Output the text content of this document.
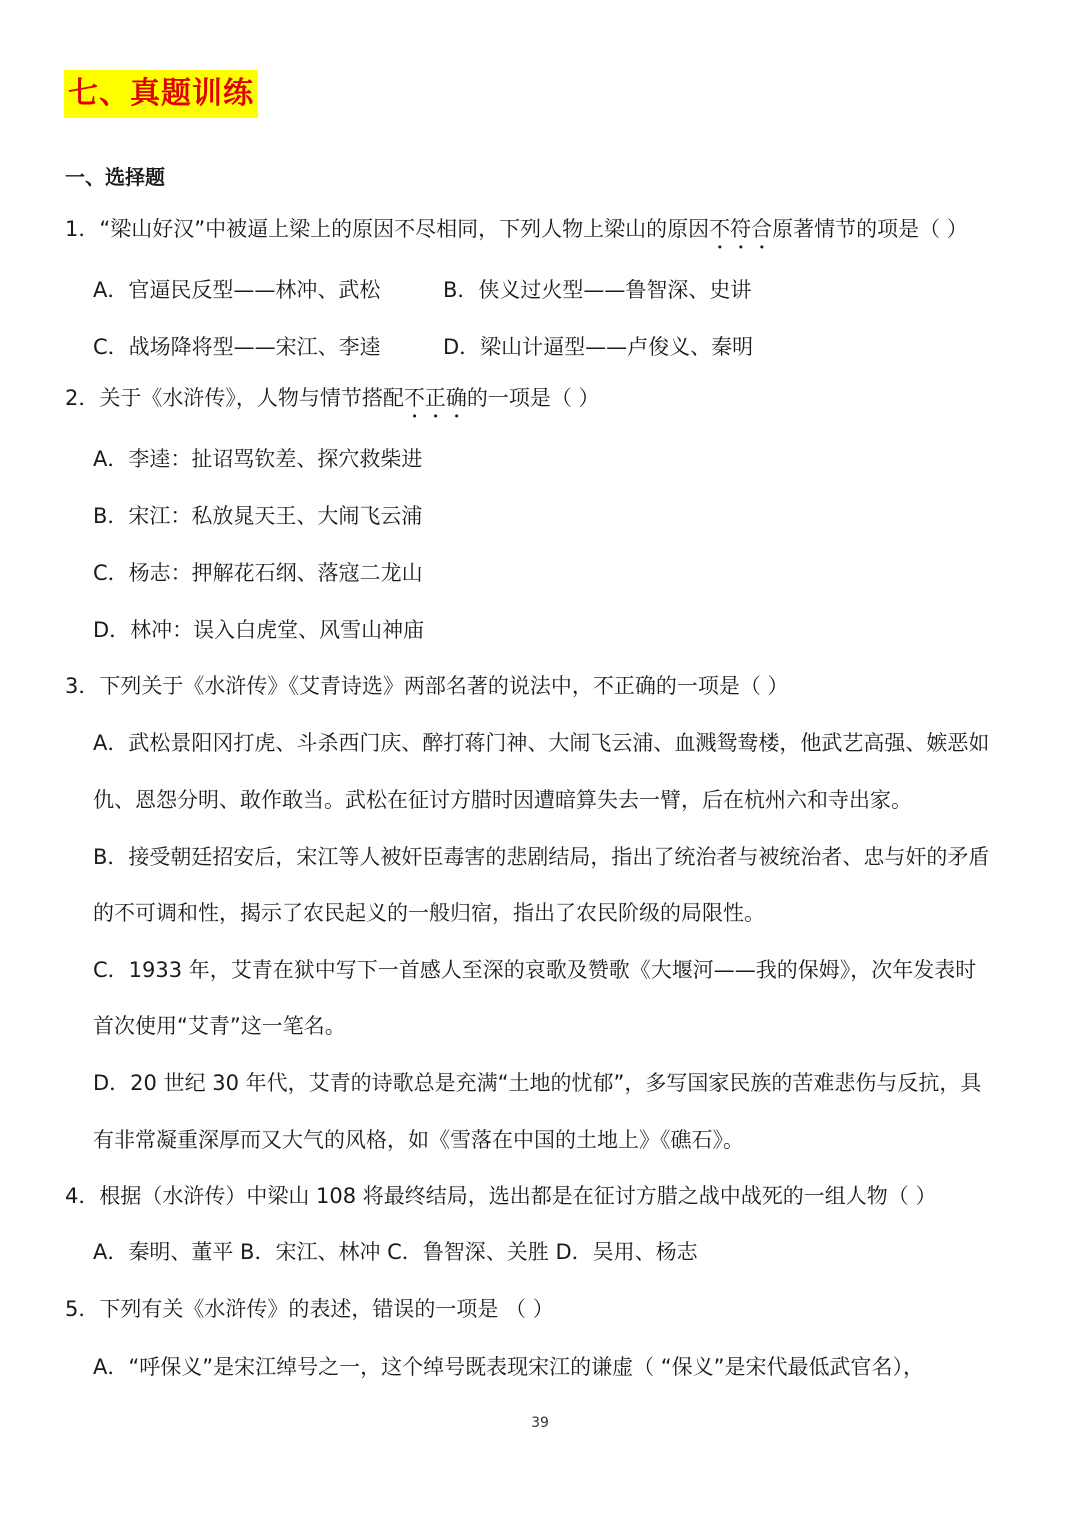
七、真题训练
一、选择题
1．“梁山好汉”中被逼上梁上的原因不尽相同，下列人物上梁山的原因不符合原著情节的项是（ ）
A．官逼民反型——林冲、武松	B．侠义过火型——鲁智深、史讲
C．战场降将型——宋江、李逵	D．梁山计逼型——卢俊义、秦明
2．关于《水浒传》，人物与情节搭配不正确的一项是（ ）
A．李逵：扯诏骂钦差、探穴救柴进
B．宋江：私放晁天王、大闹飞云浦
C．杨志：押解花石纲、落寇二龙山
D．林冲：误入白虎堂、风雪山神庙
3．下列关于《水浒传》《艾青诗选》两部名著的说法中，不正确的一项是（ ）
A．武松景阳冈打虎、斗杀西门庆、醉打蒋门神、大闹飞云浦、血溅鸳鸯楼，他武艺高强、嫉恶如
仇、恩怨分明、敢作敢当。武松在征讨方腊时因遭暗算失去一臂，后在杭州六和寺出家。
B．接受朝廷招安后，宋江等人被奸臣毒害的悲剧结局，指出了统治者与被统治者、忠与奸的矛盾
的不可调和性，揭示了农民起义的一般归宿，指出了农民阶级的局限性。
C．1933 年，艾青在狱中写下一首感人至深的哀歌及赞歌《大堰河——我的保姆》，次年发表时
首次使用“艾青”这一笔名。
D．20 世纪 30 年代，艾青的诗歌总是充满“土地的忧郁”，多写国家民族的苦难悲伤与反抗，具
有非常凝重深厚而又大气的风格，如《雪落在中国的土地上》《礁石》。
4．根据（水浒传）中梁山 108 将最终结局，选出都是在征讨方腊之战中战死的一组人物（ ）
A．秦明、董平 B．宋江、林冲 C．鲁智深、关胜 D．吴用、杨志
5．下列有关《水浒传》的表述，错误的一项是 （ ）
A．“呼保义”是宋江绰号之一，这个绰号既表现宋江的谦虚（ “保义”是宋代最低武官名），
39
